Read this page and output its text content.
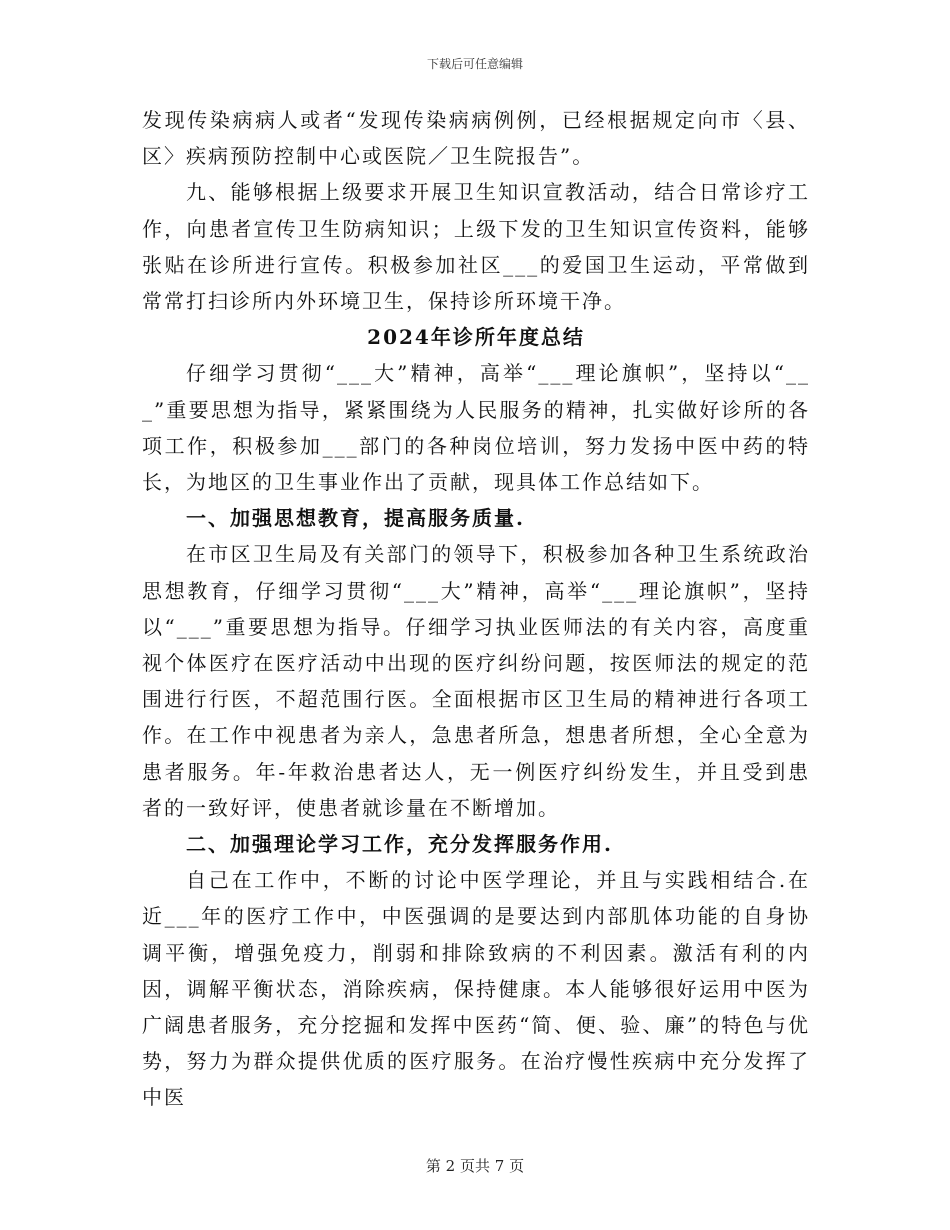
下载后可任意编辑

发现传染病病人或者“发现传染病病例例，已经根据规定向市〈县、区〉疾病预防控制中心或医院／卫生院报告”。

九、能够根据上级要求开展卫生知识宣教活动，结合日常诊疗工作，向患者宣传卫生防病知识；上级下发的卫生知识宣传资料，能够张贴在诊所进行宣传。积极参加社区___的爱国卫生运动，平常做到常常打扫诊所内外环境卫生，保持诊所环境干净。

2024年诊所年度总结

仔细学习贯彻“___大”精神，高举“___理论旗帜”，坚持以“___”重要思想为指导，紧紧围绕为人民服务的精神，扎实做好诊所的各项工作，积极参加___部门的各种岗位培训，努力发扬中医中药的特长，为地区的卫生事业作出了贡献，现具体工作总结如下。

一、加强思想教育，提高服务质量.

在市区卫生局及有关部门的领导下，积极参加各种卫生系统政治思想教育，仔细学习贯彻“___大”精神，高举“___理论旗帜”，坚持以“___”重要思想为指导。仔细学习执业医师法的有关内容，高度重视个体医疗在医疗活动中出现的医疗纠纷问题，按医师法的规定的范围进行行医，不超范围行医。全面根据市区卫生局的精神进行各项工作。在工作中视患者为亲人，急患者所急，想患者所想，全心全意为患者服务。年-年救治患者达人，无一例医疗纠纷发生，并且受到患者的一致好评，使患者就诊量在不断增加。

二、加强理论学习工作，充分发挥服务作用.

自己在工作中，不断的讨论中医学理论，并且与实践相结合.在近___年的医疗工作中，中医强调的是要达到内部肌体功能的自身协调平衡，增强免疫力，削弱和排除致病的不利因素。激活有利的内因，调解平衡状态，消除疾病，保持健康。本人能够很好运用中医为广阔患者服务，充分挖掘和发挥中医药“简、便、验、廉”的特色与优势，努力为群众提供优质的医疗服务。在治疗慢性疾病中充分发挥了中医

第 2 页共 7 页
